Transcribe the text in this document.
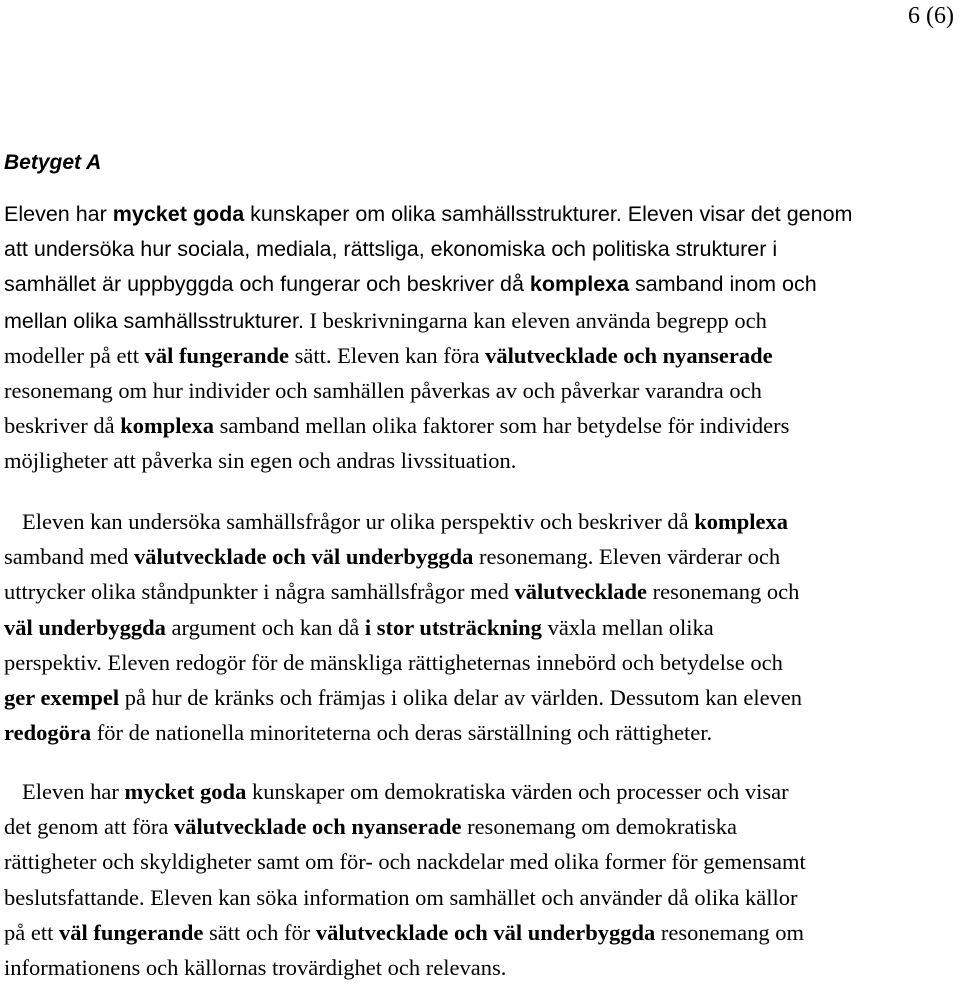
6 (6)
Betyget A
Eleven har mycket goda kunskaper om olika samhällsstrukturer. Eleven visar det genom
att undersöka hur sociala, mediala, rättsliga, ekonomiska och politiska strukturer i
samhället är uppbyggda och fungerar och beskriver då komplexa samband inom och
mellan olika samhällsstrukturer. I beskrivningarna kan eleven använda begrepp och
modeller på ett väl fungerande sätt. Eleven kan föra välutvecklade och nyanserade
resonemang om hur individer och samhällen påverkas av och påverkar varandra och
beskriver då komplexa samband mellan olika faktorer som har betydelse för individers
möjligheter att påverka sin egen och andras livssituation.
Eleven kan undersöka samhällsfrågor ur olika perspektiv och beskriver då komplexa
samband med välutvecklade och väl underbyggda resonemang. Eleven värderar och
uttrycker olika ståndpunkter i några samhällsfrågor med välutvecklade resonemang och
väl underbyggda argument och kan då i stor utsträckning växla mellan olika
perspektiv. Eleven redogör för de mänskliga rättigheternas innebörd och betydelse och
ger exempel på hur de kränks och främjas i olika delar av världen. Dessutom kan eleven
redogöra för de nationella minoriteterna och deras särställning och rättigheter.
Eleven har mycket goda kunskaper om demokratiska värden och processer och visar
det genom att föra välutvecklade och nyanserade resonemang om demokratiska
rättigheter och skyldigheter samt om för- och nackdelar med olika former för gemensamt
beslutsfattande. Eleven kan söka information om samhället och använder då olika källor
på ett väl fungerande sätt och för välutvecklade och väl underbyggda resonemang om
informationens och källornas trovärdighet och relevans.
